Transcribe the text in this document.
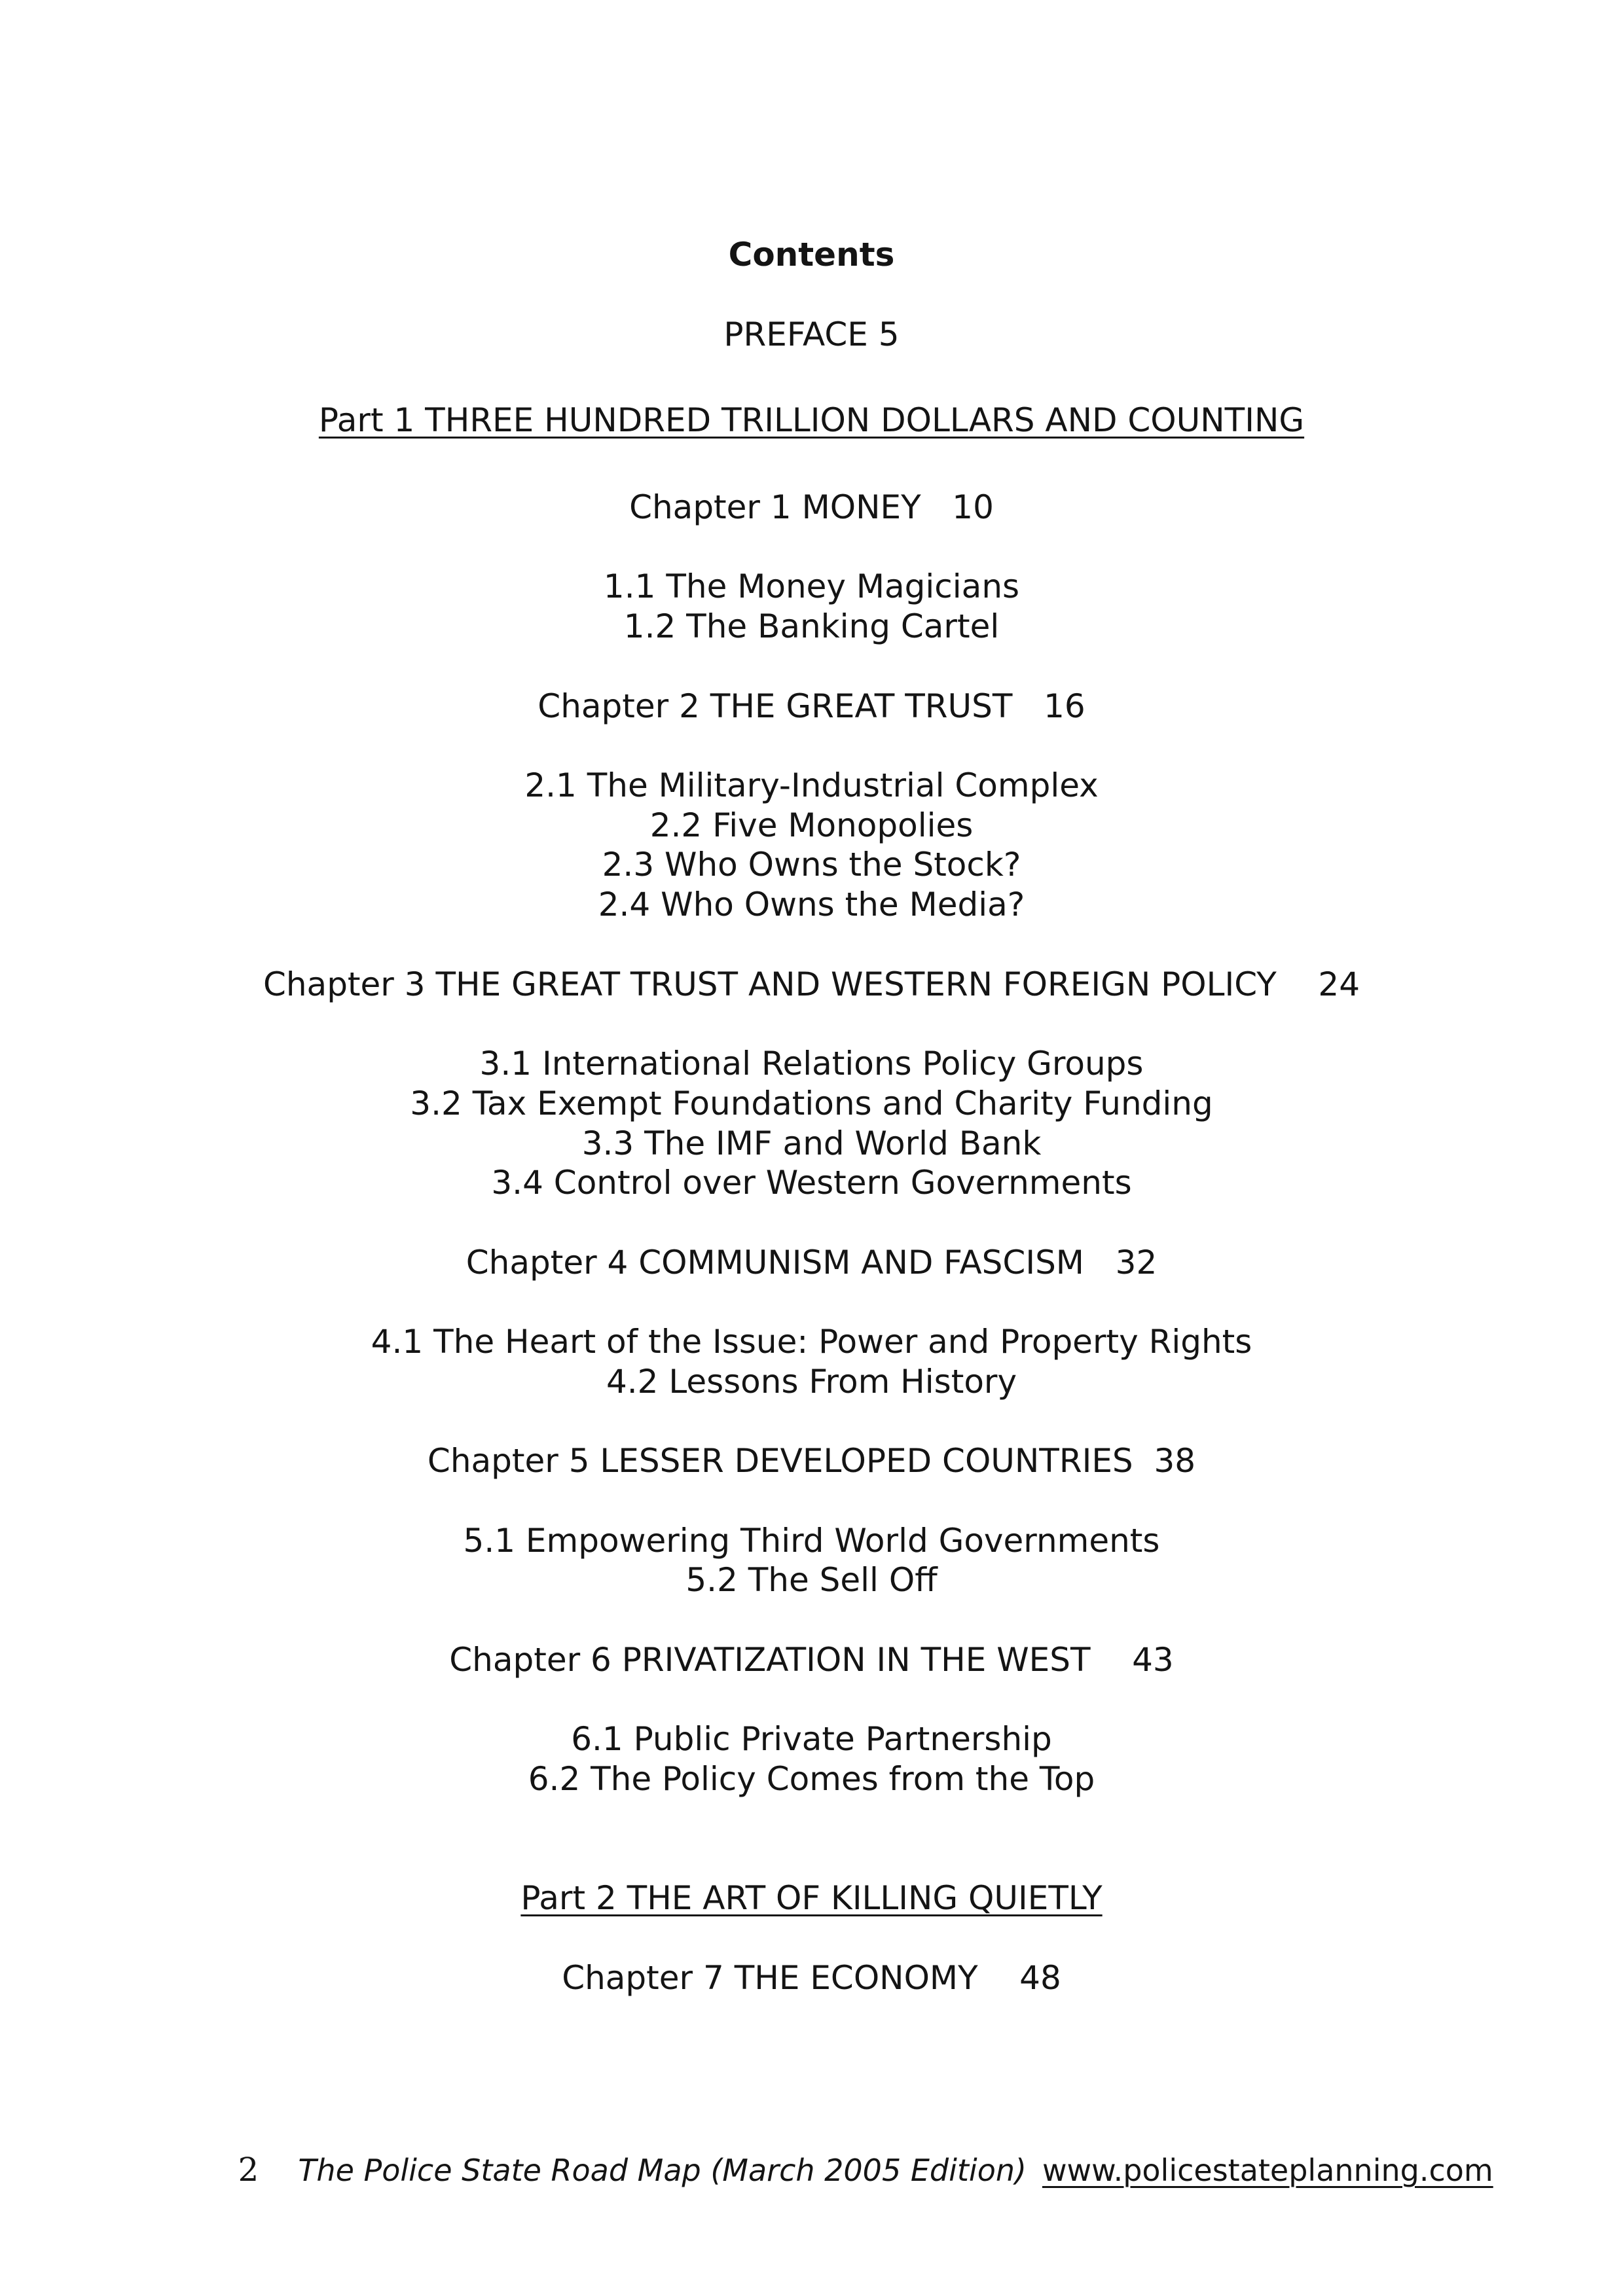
Contents
PREFACE 5
Part 1 THREE HUNDRED TRILLION DOLLARS AND COUNTING
Chapter 1 MONEY   10
1.1 The Money Magicians
1.2 The Banking Cartel
Chapter 2 THE GREAT TRUST   16
2.1 The Military-Industrial Complex
2.2 Five Monopolies
2.3 Who Owns the Stock?
2.4 Who Owns the Media?
Chapter 3 THE GREAT TRUST AND WESTERN FOREIGN POLICY    24
3.1 International Relations Policy Groups
3.2 Tax Exempt Foundations and Charity Funding
3.3 The IMF and World Bank
3.4 Control over Western Governments
Chapter 4 COMMUNISM AND FASCISM   32
4.1 The Heart of the Issue: Power and Property Rights
4.2 Lessons From History
Chapter 5 LESSER DEVELOPED COUNTRIES  38
5.1 Empowering Third World Governments
5.2 The Sell Off
Chapter 6 PRIVATIZATION IN THE WEST    43
6.1 Public Private Partnership
6.2 The Policy Comes from the Top
Part 2 THE ART OF KILLING QUIETLY
Chapter 7 THE ECONOMY    48

2 The Police State Road Map (March 2005 Edition) www.policestateplanning.com
